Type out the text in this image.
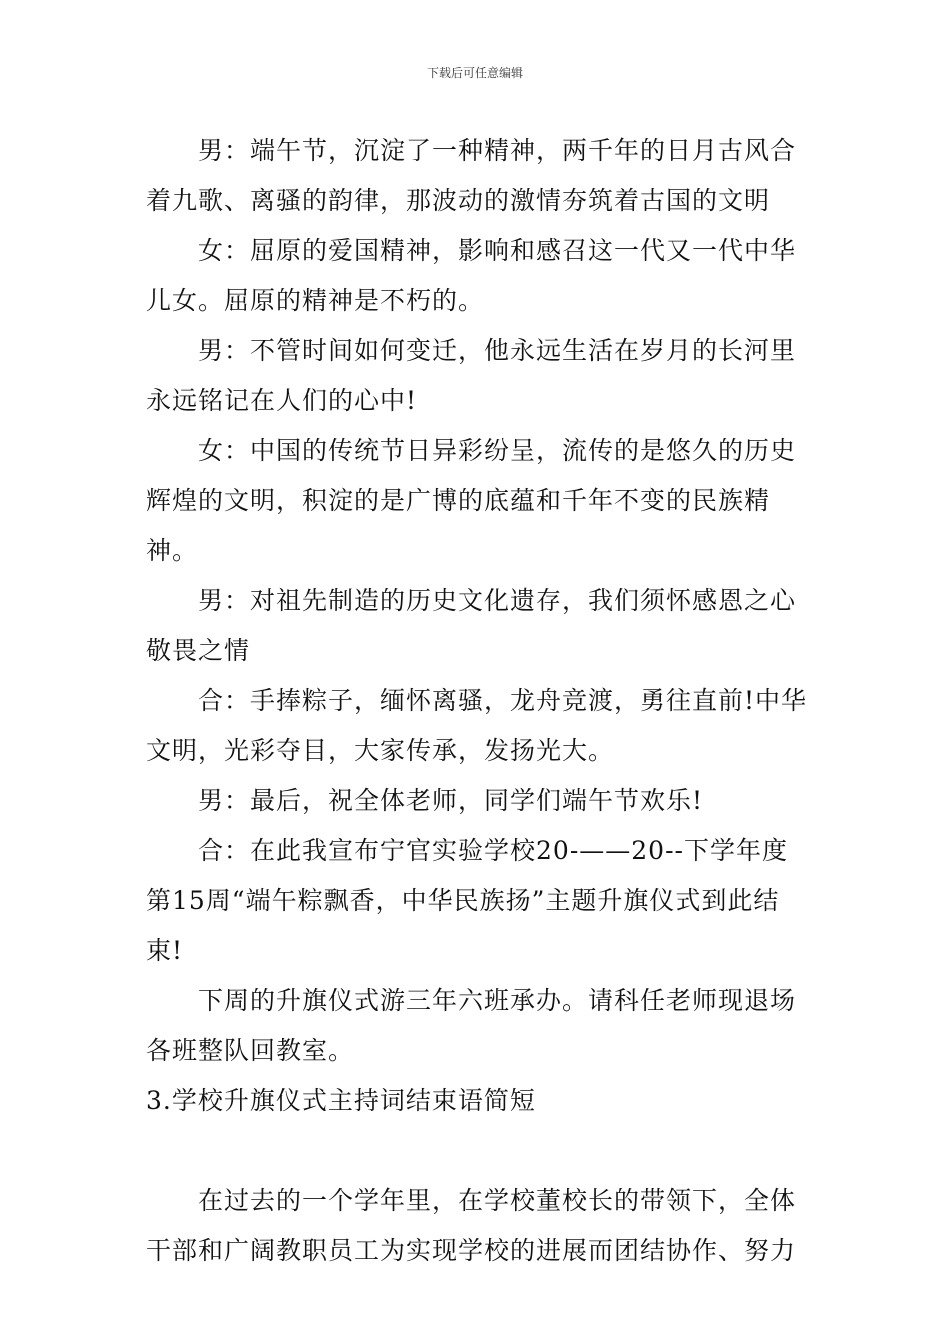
下载后可任意编辑

男：端午节，沉淀了一种精神，两千年的日月古风合着九歌、离骚的韵律，那波动的激情夯筑着古国的文明

女：屈原的爱国精神，影响和感召这一代又一代中华儿女。屈原的精神是不朽的。

男：不管时间如何变迁，他永远生活在岁月的长河里永远铭记在人们的心中!

女：中国的传统节日异彩纷呈，流传的是悠久的历史辉煌的文明，积淀的是广博的底蕴和千年不变的民族精神。

男：对祖先制造的历史文化遗存，我们须怀感恩之心敬畏之情

合：手捧粽子，缅怀离骚，龙舟竞渡，勇往直前!中华文明，光彩夺目，大家传承，发扬光大。

男：最后，祝全体老师，同学们端午节欢乐!

合：在此我宣布宁官实验学校20-——20--下学年度第15周“端午粽飘香，中华民族扬”主题升旗仪式到此结束!

下周的升旗仪式游三年六班承办。请科任老师现退场各班整队回教室。

3.学校升旗仪式主持词结束语简短

在过去的一个学年里，在学校董校长的带领下，全体干部和广阔教职员工为实现学校的进展而团结协作、努力
